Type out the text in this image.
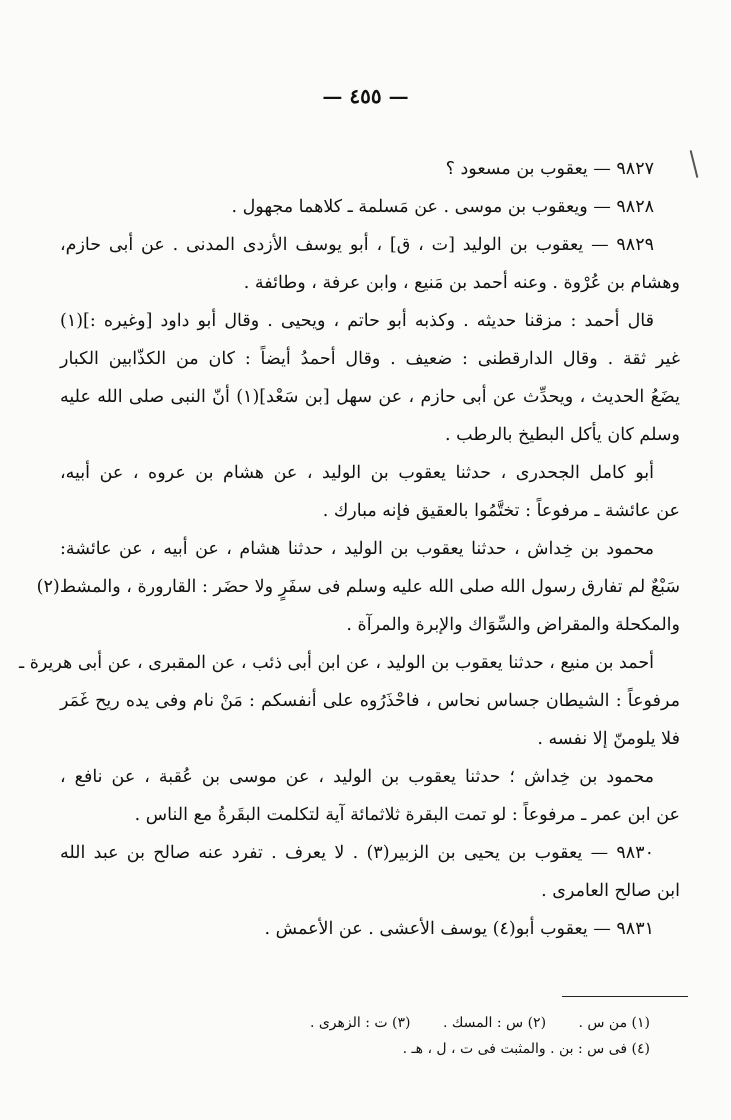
— ٤٥٥ —
٩٨٢٧ — يعقوب بن مسعود ؟
٩٨٢٨ — ويعقوب بن موسى . عن مَسلمة ـ كلاهما مجهول .
٩٨٢٩ — يعقوب بن الوليد [ت ، ق] ، أبو يوسف الأزدى المدنى . عن أبى حازم،
وهشام بن عُرْوة . وعنه أحمد بن مَنيع ، وابن عرفة ، وطائفة .
قال أحمد : مزقنا حديثه . وكذبه أبو حاتم ، ويحيى . وقال أبو داود [وغيره :](١)
غير ثقة . وقال الدارقطنى : ضعيف . وقال أحمدُ أيضاً : كان من الكذّابين الكبار
يضَعُ الحديث ، ويحدِّث عن أبى حازم ، عن سهل [بن سَعْد](١) أنّ النبى صلى الله عليه
وسلم كان يأكل البطيخ بالرطب .
أبو كامل الجحدرى ، حدثنا يعقوب بن الوليد ، عن هشام بن عروه ، عن أبيه،
عن عائشة ـ مرفوعاً : تختَّمُوا بالعقيق فإنه مبارك .
محمود بن خِداش ، حدثنا يعقوب بن الوليد ، حدثنا هشام ، عن أبيه ، عن عائشة:
سَبْعٌ لم تفارق رسول الله صلى الله عليه وسلم فى سفَرٍ ولا حضَر : القارورة ، والمشط(٢)
والمكحلة والمقراض والسِّوَاك والإبرة والمرآة .
أحمد بن منيع ، حدثنا يعقوب بن الوليد ، عن ابن أبى ذئب ، عن المقبرى ، عن أبى هريرة ـ
مرفوعاً : الشيطان جساس نحاس ، فاحْذَرُوه على أنفسكم : مَنْ نام وفى يده ريح غَمَر
فلا يلومنّ إلا نفسه .
محمود بن خِداش ؛ حدثنا يعقوب بن الوليد ، عن موسى بن عُقبة ، عن نافع ،
عن ابن عمر ـ مرفوعاً : لو تمت البقرة ثلاثمائة آية لتكلمت البقَرةُ مع الناس .
٩٨٣٠ — يعقوب بن يحيى بن الزبير(٣) . لا يعرف . تفرد عنه صالح بن عبد الله
ابن صالح العامرى .
٩٨٣١ — يعقوب أبو(٤) يوسف الأعشى . عن الأعمش .
(١) من س . (٢) س : المسك . (٣) ت : الزهرى .
(٤) فى س : بن . والمثبت فى ت ، ل ، هـ .
